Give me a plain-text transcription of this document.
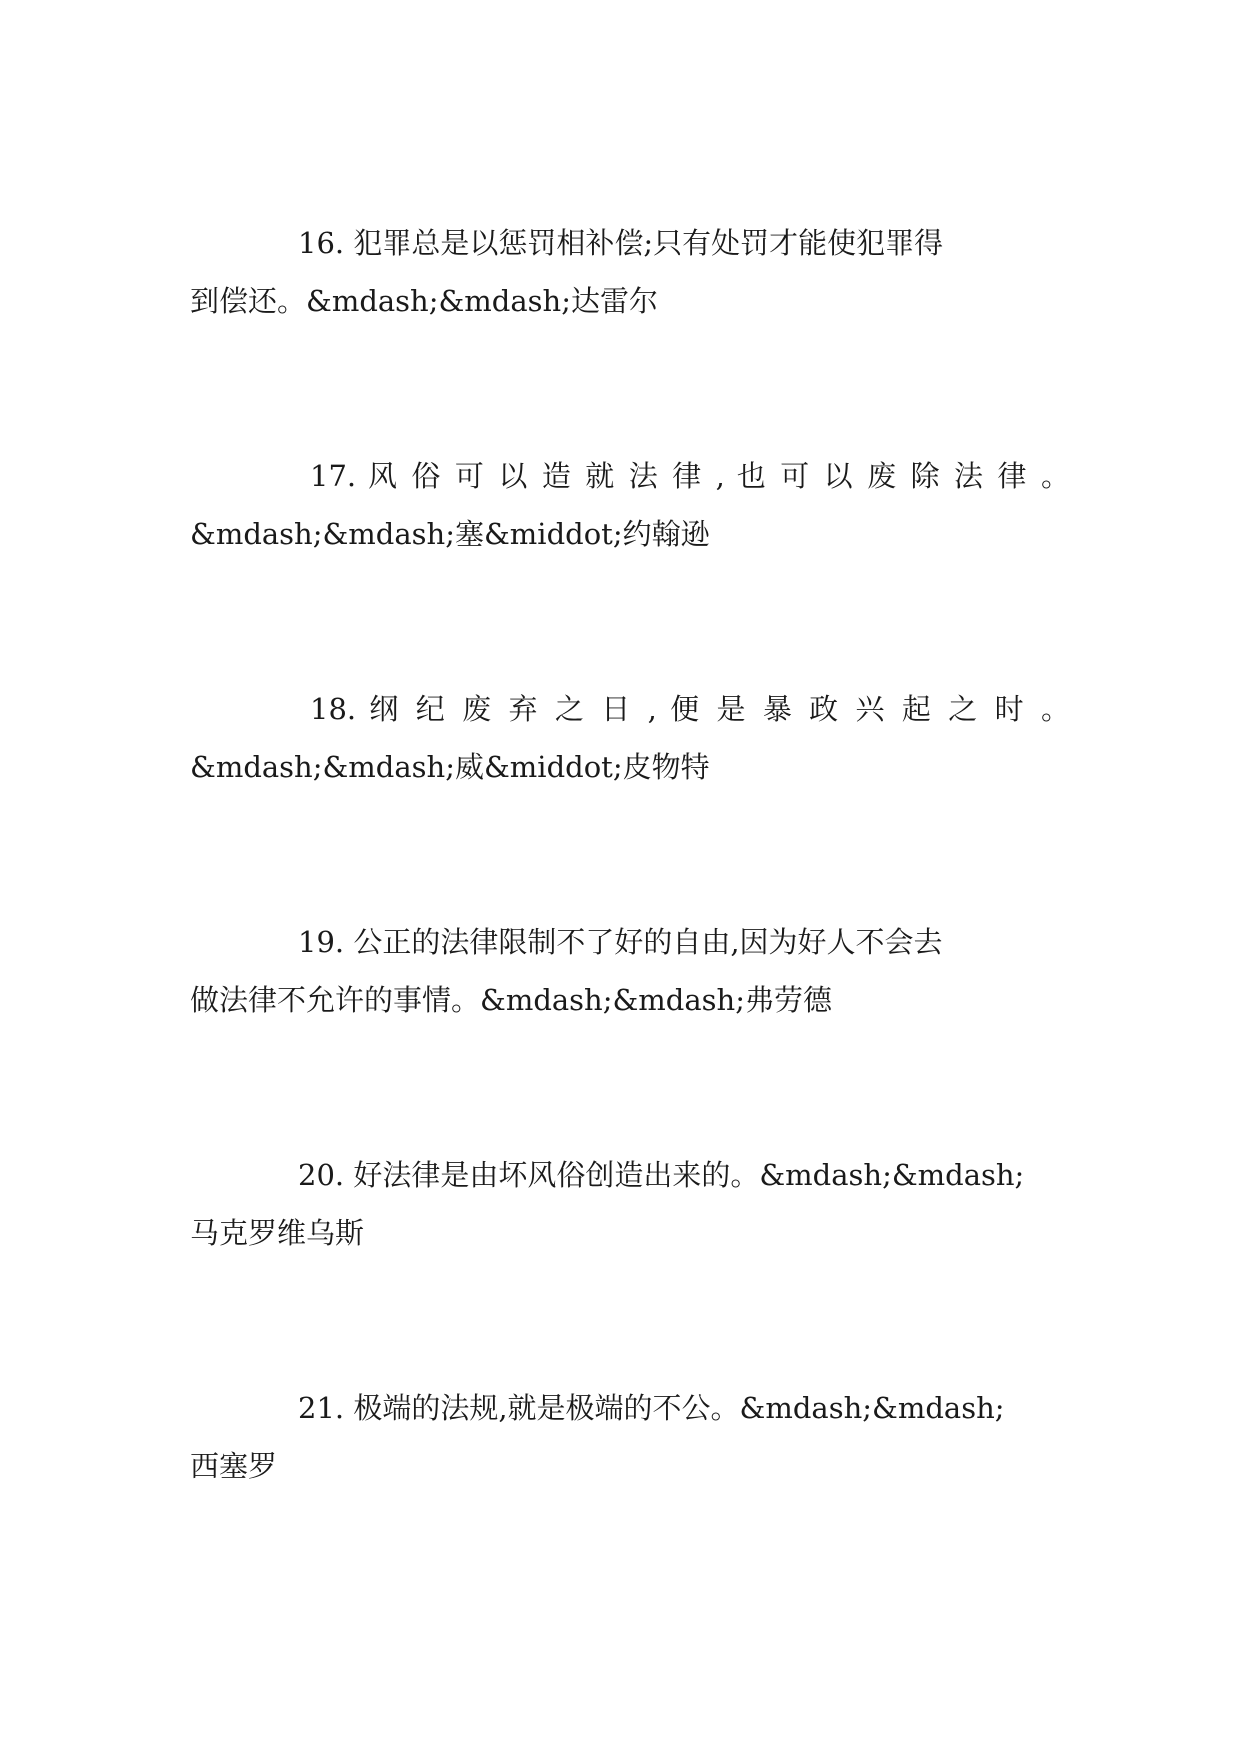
16. 犯罪总是以惩罚相补偿;只有处罚才能使犯罪得
到偿还。&mdash;&mdash;达雷尔

17. 风 俗 可 以 造 就 法 律 , 也 可 以 废 除 法 律 。
&mdash;&mdash;塞&middot;约翰逊

18. 纲 纪 废 弃 之 日 , 便 是 暴 政 兴 起 之 时 。
&mdash;&mdash;威&middot;皮物特

19. 公正的法律限制不了好的自由,因为好人不会去
做法律不允许的事情。&mdash;&mdash;弗劳德

20. 好法律是由坏风俗创造出来的。&mdash;&mdash;
马克罗维乌斯

21. 极端的法规,就是极端的不公。&mdash;&mdash;
西塞罗
